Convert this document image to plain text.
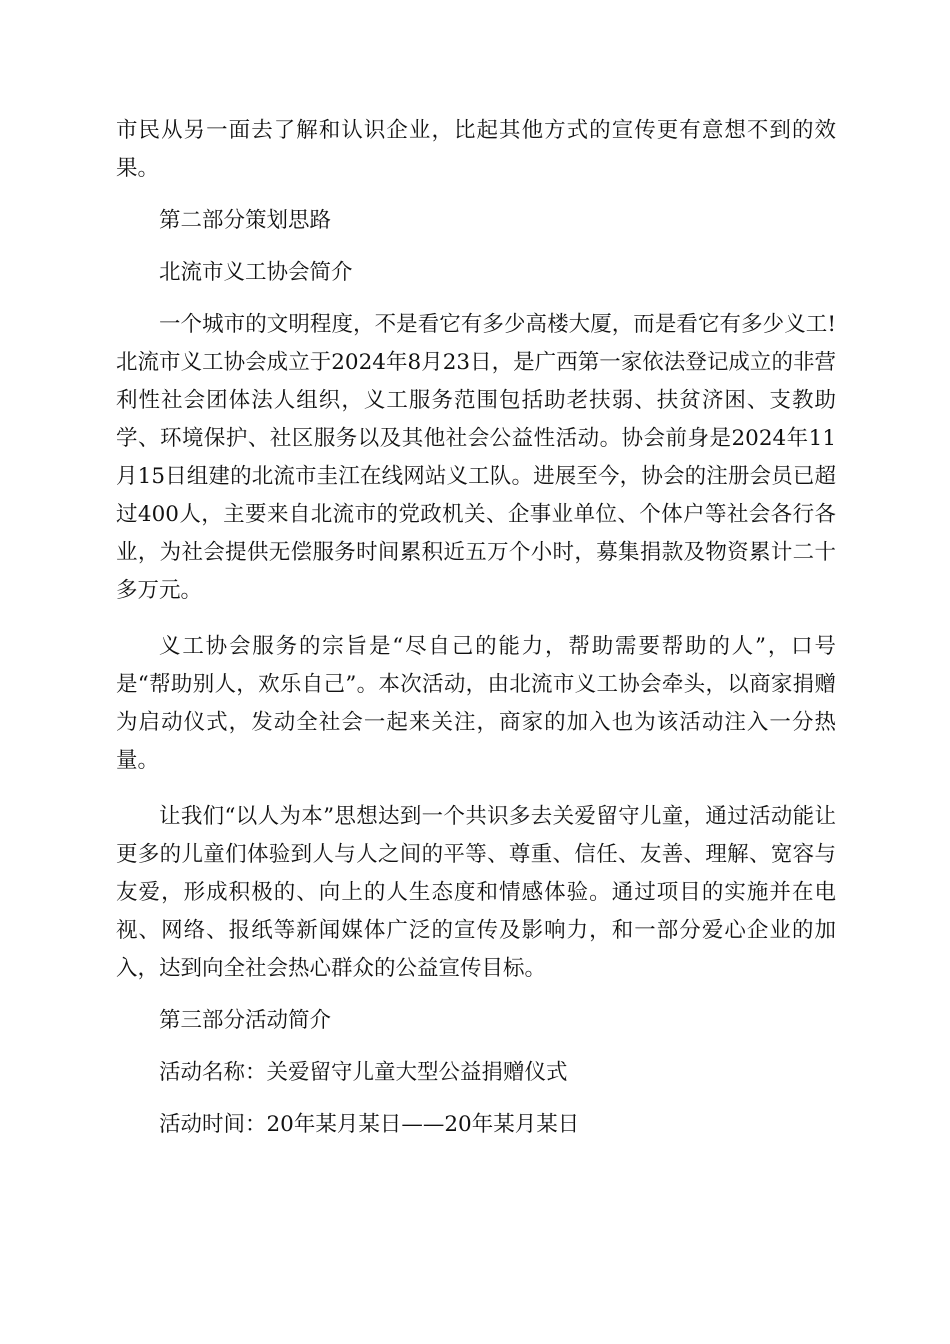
市民从另一面去了解和认识企业，比起其他方式的宣传更有意想不到的效果。

第二部分策划思路

北流市义工协会简介

一个城市的文明程度，不是看它有多少高楼大厦，而是看它有多少义工!北流市义工协会成立于2024年8月23日，是广西第一家依法登记成立的非营利性社会团体法人组织，义工服务范围包括助老扶弱、扶贫济困、支教助学、环境保护、社区服务以及其他社会公益性活动。协会前身是2024年11月15日组建的北流市圭江在线网站义工队。进展至今，协会的注册会员已超过400人，主要来自北流市的党政机关、企事业单位、个体户等社会各行各业，为社会提供无偿服务时间累积近五万个小时，募集捐款及物资累计二十多万元。

义工协会服务的宗旨是“尽自己的能力，帮助需要帮助的人”，口号是“帮助别人，欢乐自己”。本次活动，由北流市义工协会牵头，以商家捐赠为启动仪式，发动全社会一起来关注，商家的加入也为该活动注入一分热量。

让我们“以人为本”思想达到一个共识多去关爱留守儿童，通过活动能让更多的儿童们体验到人与人之间的平等、尊重、信任、友善、理解、宽容与友爱，形成积极的、向上的人生态度和情感体验。通过项目的实施并在电视、网络、报纸等新闻媒体广泛的宣传及影响力，和一部分爱心企业的加入，达到向全社会热心群众的公益宣传目标。

第三部分活动简介

活动名称：关爱留守儿童大型公益捐赠仪式

活动时间：20年某月某日——20年某月某日
